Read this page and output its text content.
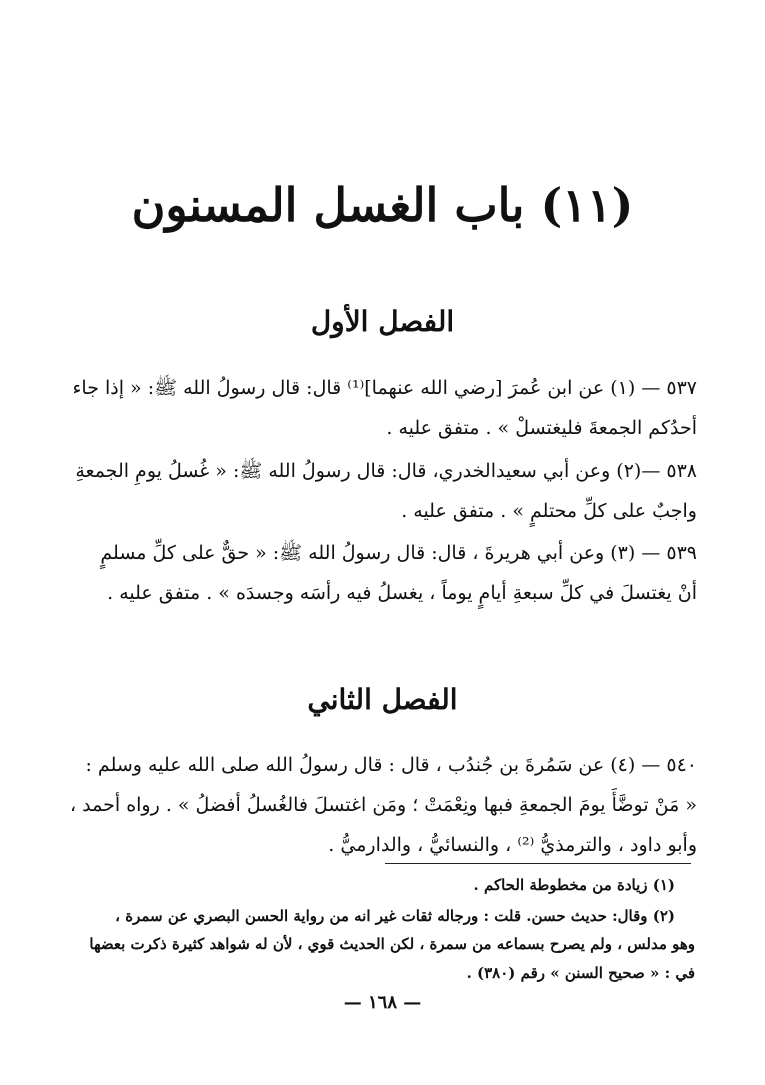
(١١) باب الغسل المسنون
الفصل الأول
٥٣٧ — (١) عن ابن عُمرَ [رضي الله عنهما]⁽¹⁾ قال: قال رسولُ الله ﷺ: « إذا جاء
أحدُكم الجمعةَ فليغتسلْ » . متفق عليه .
٥٣٨ —(٢) وعن أبي سعيدالخدري، قال: قال رسولُ الله ﷺ: « غُسلُ يومِ الجمعةِ
واجبٌ على كلِّ محتلمٍ » . متفق عليه .
٥٣٩ — (٣) وعن أبي هريرةَ ، قال: قال رسولُ الله ﷺ: « حقٌّ على كلِّ مسلمٍ
أنْ يغتسلَ في كلِّ سبعةِ أيامٍ يوماً ، يغسلُ فيه رأسَه وجسدَه » . متفق عليه .
الفصل الثاني
٥٤٠ — (٤) عن سَمُرةَ بن جُندُب ، قال : قال رسولُ الله صلى الله عليه وسلم :
« مَنْ توضَّأَ يومَ الجمعةِ فبها ونِعْمَتْ ؛ ومَن اغتسلَ فالغُسلُ أفضلُ » . رواه أحمد ،
وأبو داود ، والترمذيُّ ⁽²⁾ ، والنسائيُّ ، والدارميُّ .
(١) زيادة من مخطوطة الحاكم .
(٢) وقال: حديث حسن. قلت : ورجاله ثقات غير انه من رواية الحسن البصري عن سمرة ،
وهو مدلس ، ولم يصرح بسماعه من سمرة ، لكن الحديث قوي ، لأن له شواهد كثيرة ذكرت بعضها
في : « صحيح السنن » رقم (٣٨٠) .
— ١٦٨ —
